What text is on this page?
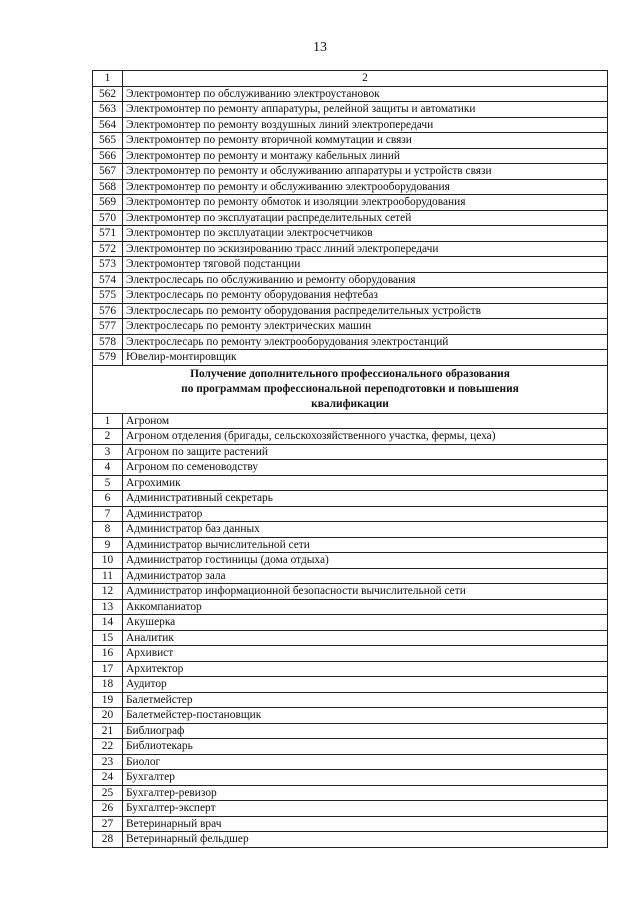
13
1	2
562	Электромонтер по обслуживанию электроустановок
563	Электромонтер по ремонту аппаратуры, релейной защиты и автоматики
564	Электромонтер по ремонту воздушных линий электропередачи
565	Электромонтер по ремонту вторичной коммутации и связи
566	Электромонтер по ремонту и монтажу кабельных линий
567	Электромонтер по ремонту и обслуживанию аппаратуры и устройств связи
568	Электромонтер по ремонту и обслуживанию электрооборудования
569	Электромонтер по ремонту обмоток и изоляции электрооборудования
570	Электромонтер по эксплуатации распределительных сетей
571	Электромонтер по эксплуатации электросчетчиков
572	Электромонтер по эскизированию трасс линий электропередачи
573	Электромонтер тяговой подстанции
574	Электрослесарь по обслуживанию и ремонту оборудования
575	Электрослесарь по ремонту оборудования нефтебаз
576	Электрослесарь по ремонту оборудования распределительных устройств
577	Электрослесарь по ремонту электрических машин
578	Электрослесарь по ремонту электрооборудования электростанций
579	Ювелир-монтировщик

Получение дополнительного профессионального образования
по программам профессиональной переподготовки и повышения
квалификации	

1	Агроном
2	Агроном отделения (бригады, сельскохозяйственного участка, фермы, цеха)
3	Агроном по защите растений
4	Агроном по семеноводству
5	Агрохимик
6	Административный секретарь
7	Администратор
8	Администратор баз данных
9	Администратор вычислительной сети
10	Администратор гостиницы (дома отдыха)
11	Администратор зала
12	Администратор информационной безопасности вычислительной сети
13	Аккомпаниатор
14	Акушерка
15	Аналитик
16	Архивист
17	Архитектор
18	Аудитор
19	Балетмейстер
20	Балетмейстер-постановщик
21	Библиограф
22	Библиотекарь
23	Биолог
24	Бухгалтер
25	Бухгалтер-ревизор
26	Бухгалтер-эксперт
27	Ветеринарный врач
28	Ветеринарный фельдшер
